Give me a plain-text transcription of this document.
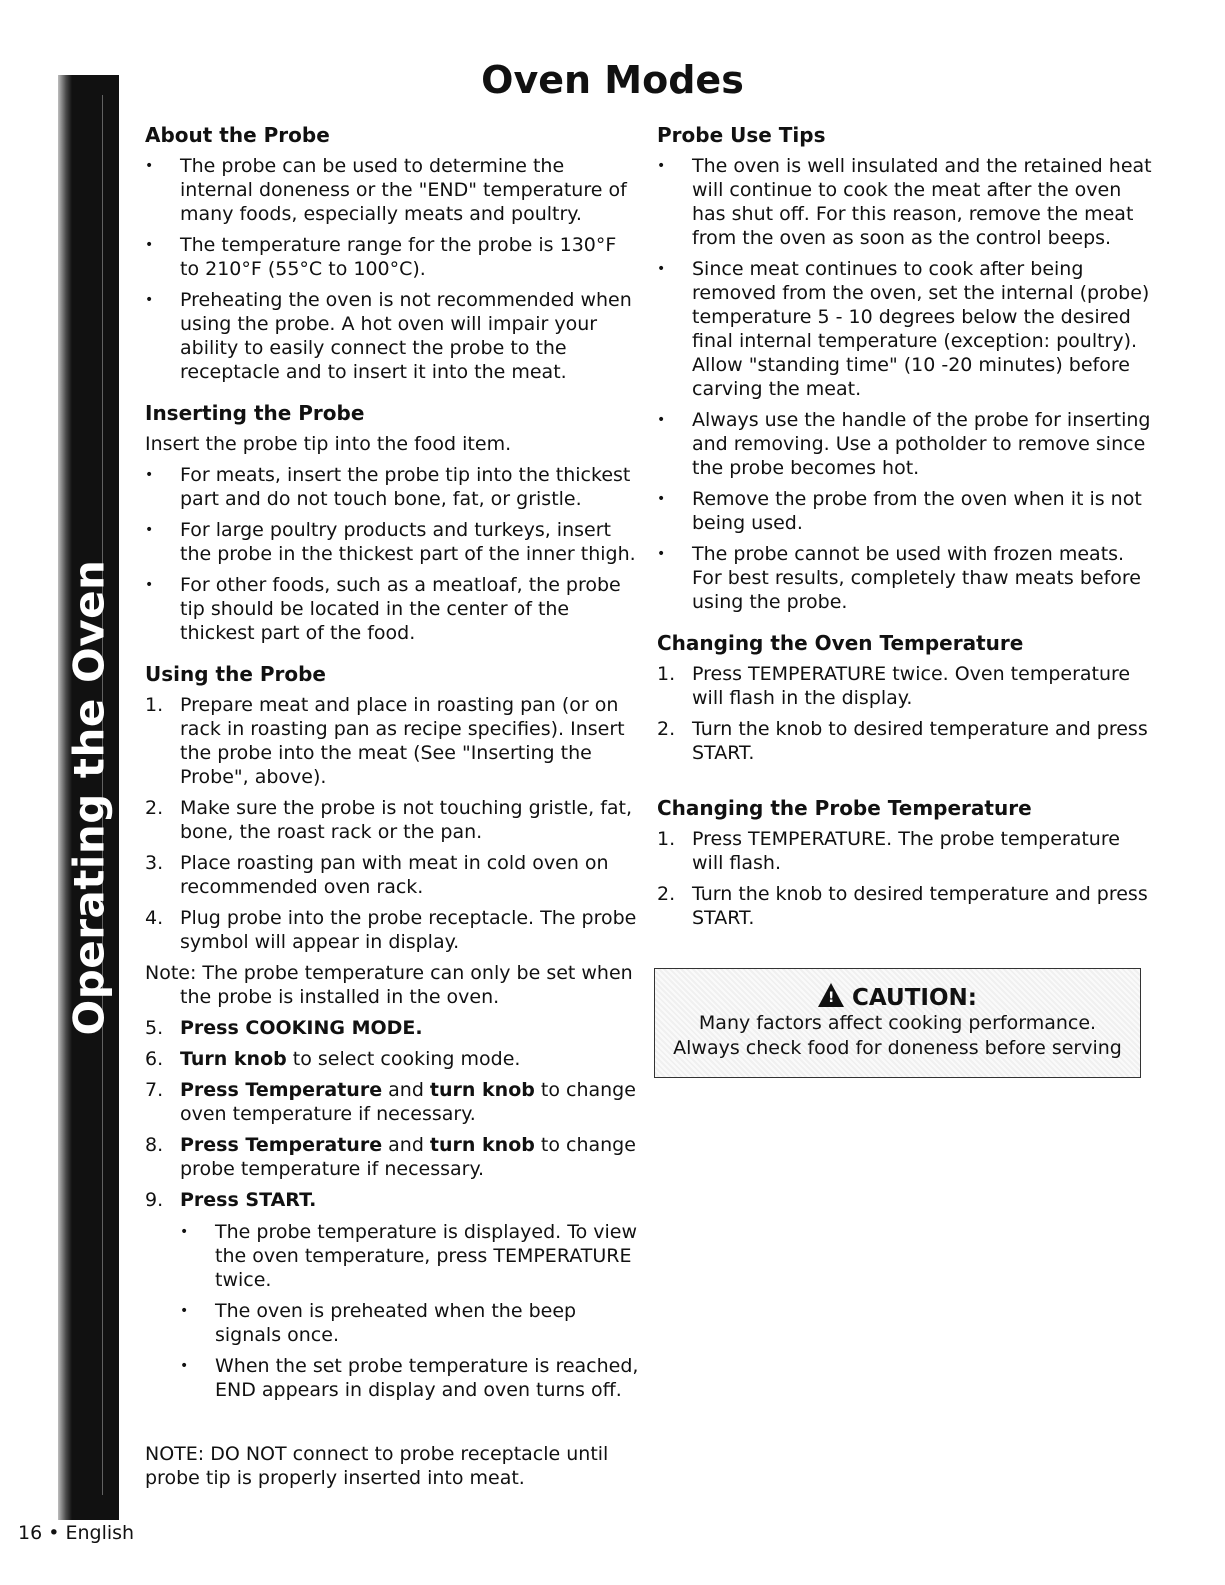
Operating the Oven
Oven Modes
About the Probe
• The probe can be used to determine the internal doneness or the "END" temperature of many foods, especially meats and poultry.
• The temperature range for the probe is 130°F to 210°F (55°C to 100°C).
• Preheating the oven is not recommended when using the probe. A hot oven will impair your ability to easily connect the probe to the receptacle and to insert it into the meat.
Inserting the Probe

Insert the probe tip into the food item.

• For meats, insert the probe tip into the thickest part and do not touch bone, fat, or gristle.
• For large poultry products and turkeys, insert the probe in the thickest part of the inner thigh.
• For other foods, such as a meatloaf, the probe tip should be located in the center of the thickest part of the food.
Using the Probe
1. Prepare meat and place in roasting pan (or on rack in roasting pan as recipe specifies). Insert the probe into the meat (See "Inserting the Probe", above).
2. Make sure the probe is not touching gristle, fat, bone, the roast rack or the pan.
3. Place roasting pan with meat in cold oven on recommended oven rack.
4. Plug probe into the probe receptacle. The probe symbol will appear in display.

Note: The probe temperature can only be set when the probe is installed in the oven.

5. Press COOKING MODE.
6. Turn knob to select cooking mode.
7. Press Temperature and turn knob to change oven temperature if necessary.
8. Press Temperature and turn knob to change probe temperature if necessary.
9. Press START.
• The probe temperature is displayed. To view the oven temperature, press TEMPERATURE twice.
• The oven is preheated when the beep signals once.
• When the set probe temperature is reached, END appears in display and oven turns off.

NOTE: DO NOT connect to probe receptacle until probe tip is properly inserted into meat.

Probe Use Tips
• The oven is well insulated and the retained heat will continue to cook the meat after the oven has shut off. For this reason, remove the meat from the oven as soon as the control beeps.
• Since meat continues to cook after being removed from the oven, set the internal (probe) temperature 5 - 10 degrees below the desired final internal temperature (exception: poultry). Allow "standing time" (10 -20 minutes) before carving the meat.
• Always use the handle of the probe for inserting and removing. Use a potholder to remove since the probe becomes hot.
• Remove the probe from the oven when it is not being used.
• The probe cannot be used with frozen meats. For best results, completely thaw meats before using the probe.
Changing the Oven Temperature
1. Press TEMPERATURE twice. Oven temperature will flash in the display.
2. Turn the knob to desired temperature and press START.
Changing the Probe Temperature
1. Press TEMPERATURE. The probe temperature will flash.
2. Turn the knob to desired temperature and press START.
! CAUTION:
Many factors affect cooking performance.
Always check food for doneness before serving
16 • English
